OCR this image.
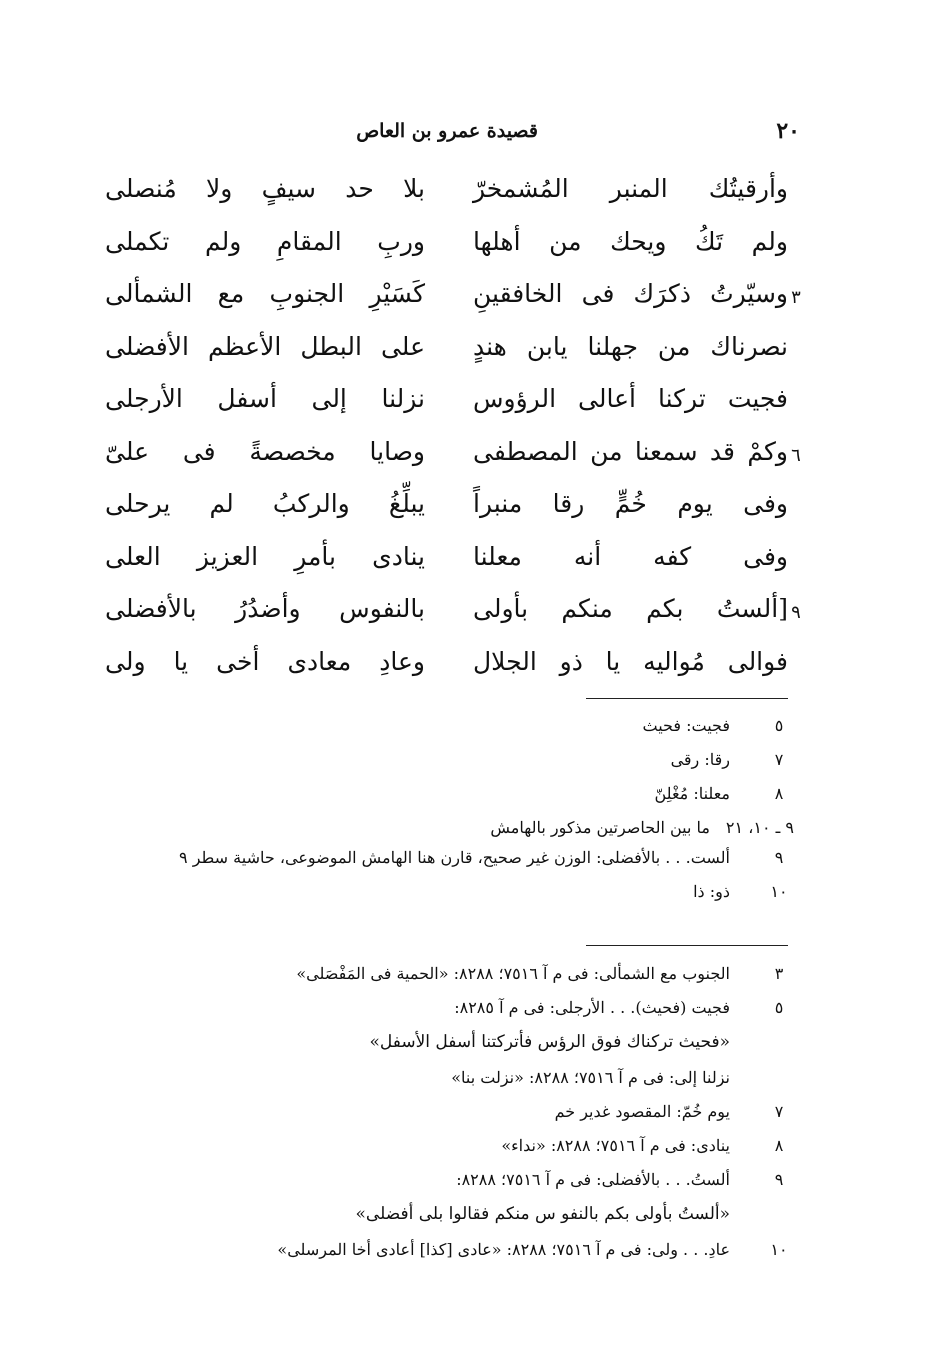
٢٠
قصيدة عمرو بن العاص
وأرقيتُك المنبر المُشمخرّ
بلا حد سيفٍ ولا مُنصلى
ولم تَكُ ويحك من أهلها
وربِ المقامِ ولم تكملى
٣
وسيّرتُ ذكرَك فى الخافقينِ
كَسَيْرِ الجنوبِ مع الشمألى
نصرناك من جهلنا يابن هندٍ
على البطل الأعظم الأفضلى
فجيت تركنا أعالى الرؤوس
نزلنا إلى أسفل الأرجلى
٦
وكمْ قد سمعنا من المصطفى
وصايا مخصصةً فى علىّ
وفى يوم خُمٍّ رقا منبراً
يبلِّغُ والركبُ لم يرحلى
وفى كفه أنه معلنا
ينادى بأمرِ العزيز العلى
٩
[ألستُ بكم منكم بأولى
بالنفوس وأضدُرُ بالأفضلى
فوالى مُواليه يا ذو الجلال
وعادِ معادى أخى يا ولى
٥
فجيت: فحيث
٧
رقا: رقى
٨
معلنا: مُغْلِنّ
٩ ـ ١٠، ٢١
ما بين الحاصرتين مذكور بالهامش
٩
ألست. . . بالأفضلى: الوزن غير صحيح، قارن هنا الهامش الموضوعى، حاشية سطر ٩
١٠
ذو: ذا
٣
الجنوب مع الشمألى: فى م آ ٧٥١٦؛ ٨٢٨٨: «الحمية فى المَفْصَلى»
٥
فجيت (فحيث). . . الأرجلى: فى م آ ٨٢٨٥:
«فحيث تركناك فوق الرؤس فأتركتنا أسفل الأسفل»
نزلنا إلى: فى م آ ٧٥١٦؛ ٨٢٨٨: «نزلت بنا»
٧
يوم خُمّ: المقصود غدير خم
٨
ينادى: فى م آ ٧٥١٦؛ ٨٢٨٨: «نداء»
٩
ألستُ. . . بالأفضلى: فى م آ ٧٥١٦؛ ٨٢٨٨:
«ألستُ بأولى بكم بالنفو س منكم فقالوا بلى أفضلى»
١٠
عادِ. . . ولى: فى م آ ٧٥١٦؛ ٨٢٨٨: «عادى [كذا] أعادى أخا المرسلى»
